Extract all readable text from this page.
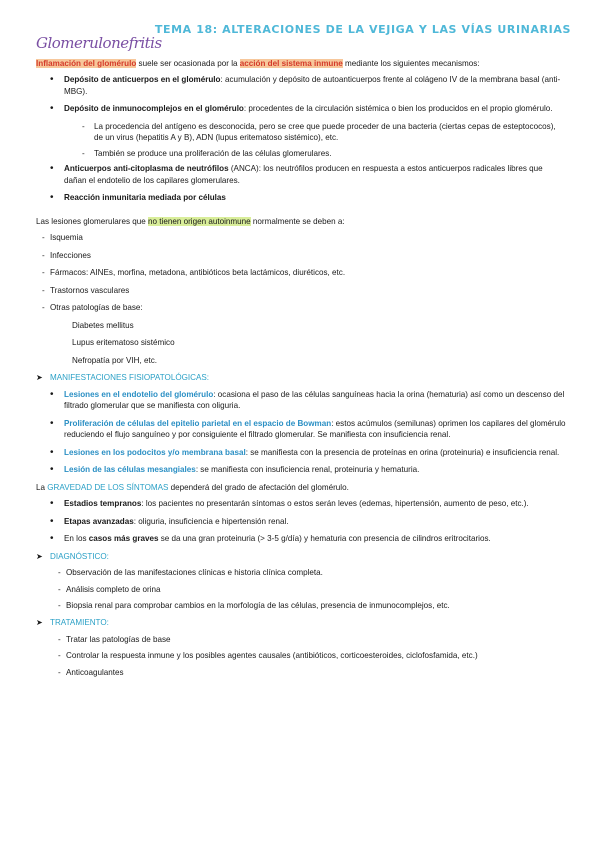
TEMA 18: ALTERACIONES DE LA VEJIGA Y LAS VÍAS URINARIAS
Glomerulonefritis

Inflamación del glomérulo suele ser ocasionada por la acción del sistema inmune mediante los siguientes mecanismos:

• Depósito de anticuerpos en el glomérulo: acumulación y depósito de autoanticuerpos frente al colágeno IV de la membrana basal (anti-MBG).
• Depósito de inmunocomplejos en el glomérulo: procedentes de la circulación sistémica o bien los producidos en el propio glomérulo.
- La procedencia del antígeno es desconocida, pero se cree que puede proceder de una bacteria (ciertas cepas de esteptococos), de un virus (hepatitis A y B), ADN (lupus eritematoso sistémico), etc.
- También se produce una proliferación de las células glomerulares.
• Anticuerpos anti-citoplasma de neutrófilos (ANCA): los neutrófilos producen en respuesta a estos anticuerpos radicales libres que dañan el endotelio de los capilares glomerulares.
• Reacción inmunitaria mediada por células

Las lesiones glomerulares que no tienen origen autoinmune normalmente se deben a:

- Isquemia
- Infecciones
- Fármacos: AINEs, morfina, metadona, antibióticos beta lactámicos, diuréticos, etc.
- Trastornos vasculares
- Otras patologías de base:
Diabetes mellitus
Lupus eritematoso sistémico
Nefropatía por VIH, etc.
➤ MANIFESTACIONES FISIOPATOLÓGICAS:
• Lesiones en el endotelio del glomérulo: ocasiona el paso de las células sanguíneas hacia la orina (hematuria) así como un descenso del filtrado glomerular que se manifiesta con oliguria.
• Proliferación de células del epitelio parietal en el espacio de Bowman: estos acúmulos (semilunas) oprimen los capilares del glomérulo reduciendo el flujo sanguíneo y por consiguiente el filtrado glomerular. Se manifiesta con insuficiencia renal.
• Lesiones en los podocitos y/o membrana basal: se manifiesta con la presencia de proteínas en orina (proteinuria) e insuficiencia renal.
• Lesión de las células mesangiales: se manifiesta con insuficiencia renal, proteinuria y hematuria.

La GRAVEDAD DE LOS SÍNTOMAS dependerá del grado de afectación del glomérulo.

• Estadios tempranos: los pacientes no presentarán síntomas o estos serán leves (edemas, hipertensión, aumento de peso, etc.).
• Etapas avanzadas: oliguria, insuficiencia e hipertensión renal.
• En los casos más graves se da una gran proteinuria (> 3-5 g/día) y hematuria con presencia de cilindros eritrocitarios.
➤ DIAGNÓSTICO:
- Observación de las manifestaciones clínicas e historia clínica completa.
- Análisis completo de orina
- Biopsia renal para comprobar cambios en la morfología de las células, presencia de inmunocomplejos, etc.
➤ TRATAMIENTO:
- Tratar las patologías de base
- Controlar la respuesta inmune y los posibles agentes causales (antibióticos, corticoesteroides, ciclofosfamida, etc.)
- Anticoagulantes
